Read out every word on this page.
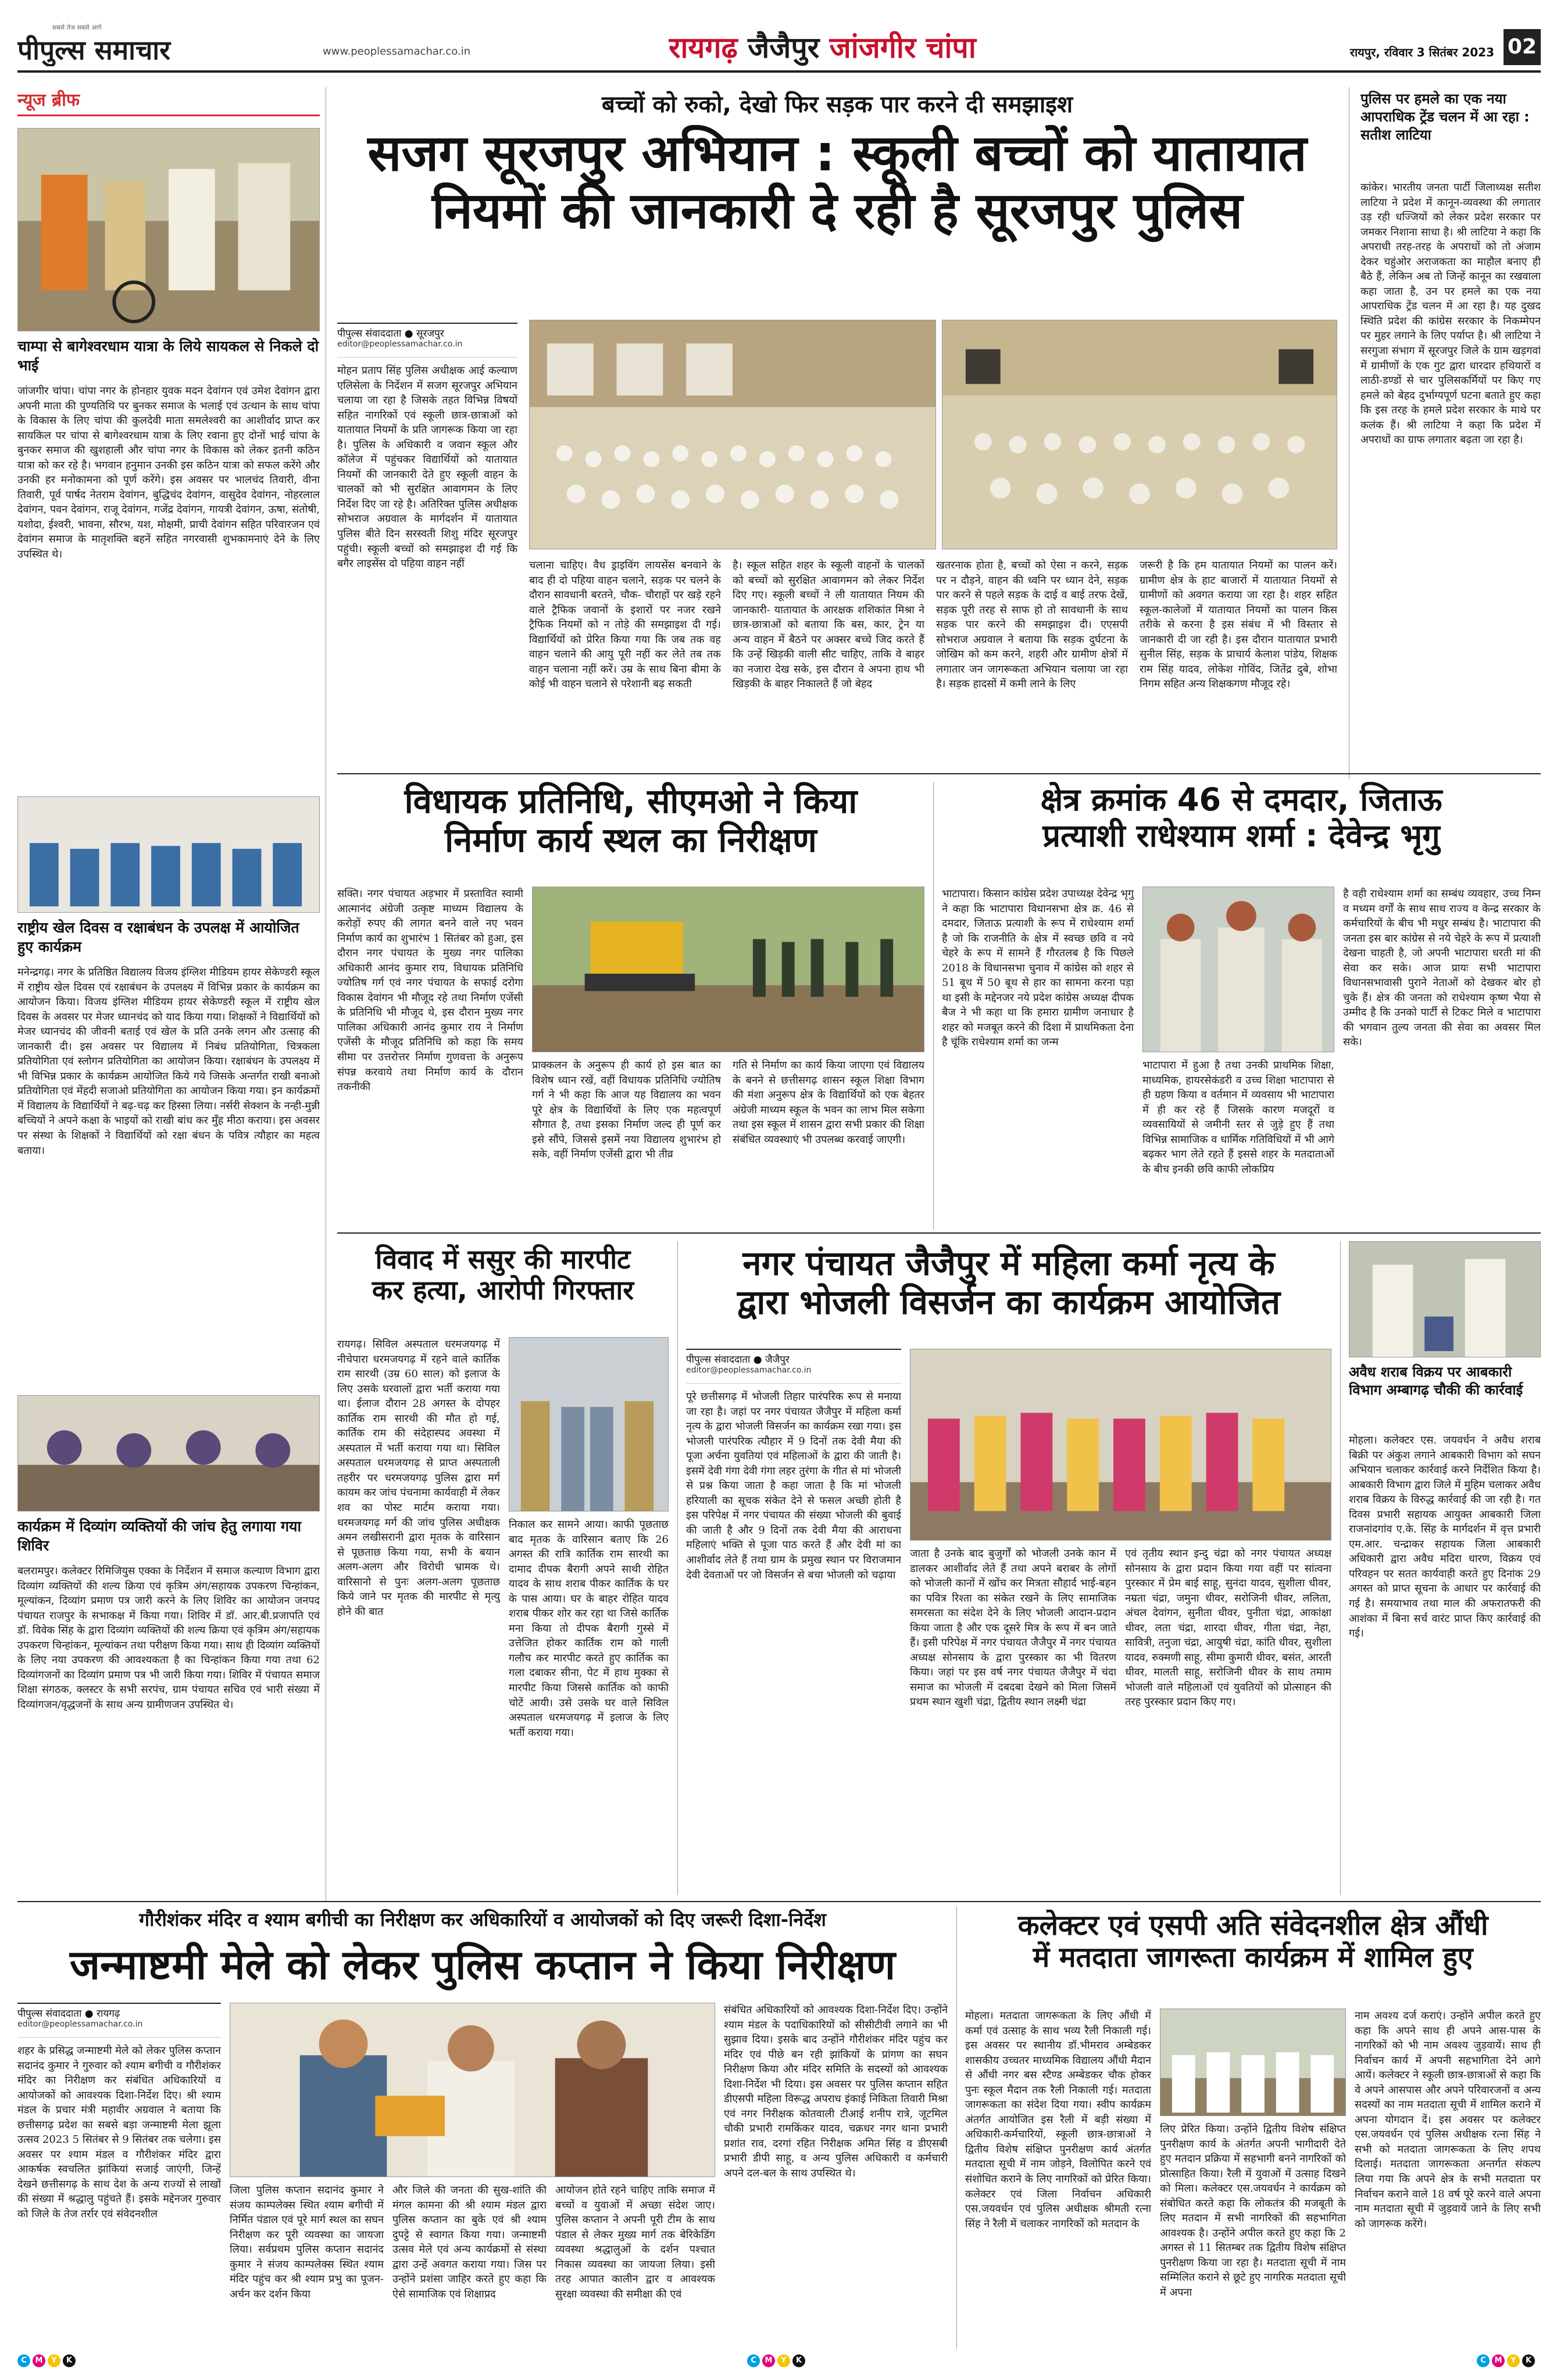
पीपुल्स समाचार
सबसे तेज सबसे आगे
www.peoplessamachar.co.in	रायगढ़ जैजैपुर जांजगीर चांपा	रायपुर, रविवार 3 सितंबर 2023 02
न्यूज ब्रीफ
चाम्पा से बागेश्वरधाम यात्रा के लिये सायकल से निकले दो भाई
जांजगीर चांपा। चांपा नगर के होनहार युवक मदन देवांगन एवं उमेश देवांगन द्वारा अपनी माता की पुण्यतिथि पर बुनकर समाज के भलाई एवं उत्थान के साथ चांपा के विकास के लिए चांपा की कुलदेवी माता समलेश्वरी का आशीर्वाद प्राप्त कर सायकिल पर चांपा से बागेश्वरधाम यात्रा के लिए रवाना हुए दोनों भाई चांपा के बुनकर समाज की खुशहाली और चांपा नगर के विकास को लेकर इतनी कठिन यात्रा को कर रहे है। भगवान हनुमान उनकी इस कठिन यात्रा को सफल करेंगे और उनकी हर मनोकामना को पूर्ण करेंगे। इस अवसर पर भालचंद तिवारी, वीना तिवारी, पूर्व पार्षद नेतराम देवांगन, बुद्धिचंद देवांगन, वासुदेव देवांगन, नोहरलाल देवांगन, पवन देवांगन, राजू देवांगन, गजेंद्र देवांगन, गायत्री देवांगन, ऊषा, संतोषी, यशोदा, ईश्वरी, भावना, सौरभ, यश, मोक्षमी, प्राची देवांगन सहित परिवारजन एवं देवांगन समाज के मातृशक्ति बहनें सहित नगरवासी शुभकामनाएं देने के लिए उपस्थित थे।
राष्ट्रीय खेल दिवस व रक्षाबंधन के उपलक्ष में आयोजित हुए कार्यक्रम
मनेन्द्रगढ़। नगर के प्रतिष्ठित विद्यालय विजय इंग्लिश मीडियम हायर सेकेण्डरी स्कूल में राष्ट्रीय खेल दिवस एवं रक्षाबंधन के उपलक्ष्य में विभिन्न प्रकार के कार्यक्रम का आयोजन किया। विजय इंग्लिश मीडियम हायर सेकेण्डरी स्कूल में राष्ट्रीय खेल दिवस के अवसर पर मेजर ध्यानचंद को याद किया गया। शिक्षकों ने विद्यार्थियों को मेजर ध्यानचंद की जीवनी बताई एवं खेल के प्रति उनके लगन और उत्साह की जानकारी दी। इस अवसर पर विद्यालय में निबंध प्रतियोगिता, चित्रकला प्रतियोगिता एवं स्लोगन प्रतियोगिता का आयोजन किया। रक्षाबंधन के उपलक्ष्य में भी विभिन्न प्रकार के कार्यक्रम आयोजित किये गये जिसके अन्तर्गत राखी बनाओ प्रतियोगिता एवं मेंहदी सजाओ प्रतियोगिता का आयोजन किया गया। इन कार्यक्रमों में विद्यालय के विद्यार्थियों ने बढ़-चढ़ कर हिस्सा लिया। नर्सरी सेक्शन के नन्ही-मुन्नी बच्चियों ने अपने कक्षा के भाइयों को राखी बांध कर मुँह मीठा कराया। इस अवसर पर संस्था के शिक्षकों ने विद्यार्थियों को रक्षा बंधन के पवित्र त्यौहार का महत्व बताया।
कार्यक्रम में दिव्यांग व्यक्तियों की जांच हेतु लगाया गया शिविर
बलरामपुर। कलेक्टर रिमिजियुस एक्का के निर्देशन में समाज कल्याण विभाग द्वारा दिव्यांग व्यक्तियों की शल्य क्रिया एवं कृत्रिम अंग/सहायक उपकरण चिन्हांकन, मूल्यांकन, दिव्यांग प्रमाण पत्र जारी करने के लिए शिविर का आयोजन जनपद पंचायत राजपुर के सभाकक्ष में किया गया। शिविर में डॉ. आर.बी.प्रजापति एवं डॉ. विवेक सिंह के द्वारा दिव्यांग व्यक्तियों की शल्य क्रिया एवं कृत्रिम अंग/सहायक उपकरण चिन्हांकन, मूल्यांकन तथा परीक्षण किया गया। साथ ही दिव्यांग व्यक्तियों के लिए नया उपकरण की आवश्यकता है का चिन्हांकन किया गया तथा 62 दिव्यांगजनों का दिव्यांग प्रमाण पत्र भी जारी किया गया। शिविर में पंचायत समाज शिक्षा संगठक, क्लस्टर के सभी सरपंच, ग्राम पंचायत सचिव एवं भारी संख्या में दिव्यांगजन/वृद्धजनों के साथ अन्य ग्रामीणजन उपस्थित थे।
बच्चों को रुको, देखो फिर सड़क पार करने दी समझाइश
सजग सूरजपुर अभियान : स्कूली बच्चों को यातायात
नियमों की जानकारी दे रही है सूरजपुर पुलिस
पीपुल्स संवाददाता ● सूरजपुर
editor@peoplessamachar.co.in
मोहन प्रताप सिंह पुलिस अधीक्षक आई कल्याण एलिसेला के निर्देशन में सजग सूरजपुर अभियान चलाया जा रहा है जिसके तहत विभिन्न विषयों सहित नागरिकों एवं स्कूली छात्र-छात्राओं को यातायात नियमों के प्रति जागरूक किया जा रहा है। पुलिस के अधिकारी व जवान स्कूल और कॉलेज में पहुंचकर विद्यार्थियों को यातायात नियमों की जानकारी देते हुए स्कूली वाहन के चालकों को भी सुरक्षित आवागमन के लिए निर्देश दिए जा रहे है। अतिरिक्त पुलिस अधीक्षक सोभराज अग्रवाल के मार्गदर्शन में यातायात पुलिस बीते दिन सरस्वती शिशु मंदिर सूरजपुर पहुंची। स्कूली बच्चों को समझाइश दी गई कि बगैर लाइसेंस दो पहिया वाहन नहीं	चलाना चाहिए। वैध ड्राइविंग लायसेंस बनवाने के बाद ही दो पहिया वाहन चलाने, सड़क पर चलने के दौरान सावधानी बरतने, चौक- चौराहों पर खड़े रहने वाले ट्रैफिक जवानों के इशारों पर नजर रखने ट्रैफिक नियमों को न तोड़े की समझाइश दी गई। विद्यार्थियों को प्रेरित किया गया कि जब तक वह वाहन चलाने की आयु पूरी नहीं कर लेते तब तक वाहन चलाना नहीं करें। उम्र के साथ बिना बीमा के कोई भी वाहन चलाने से परेशानी बढ़ सकती
है। स्कूल सहित शहर के स्कूली वाहनों के चालकों को बच्चों को सुरक्षित आवागमन को लेकर निर्देश दिए गए। स्कूली बच्चों ने ली यातायात नियम की जानकारी- यातायात के आरक्षक शशिकांत मिश्रा ने छात्र-छात्राओं को बताया कि बस, कार, ट्रेन या अन्य वाहन में बैठने पर अक्सर बच्चे जिद करते हैं कि उन्हें खिड़की वाली सीट चाहिए, ताकि वे बाहर का नजारा देख सके, इस दौरान वे अपना हाथ भी खिड़की के बाहर निकालते हैं जो बेहद
खतरनाक होता है, बच्चों को ऐसा न करने, सड़क पर न दौड़ने, वाहन की ध्वनि पर ध्यान देने, सड़क पार करने से पहले सड़क के दाई व बाई तरफ देखें, सड़क पूरी तरह से साफ हो तो सावधानी के साथ सड़क पार करने की समझाइश दी। एएसपी सोभराज अग्रवाल ने बताया कि सड़क दुर्घटना के जोखिम को कम करने, शहरी और ग्रामीण क्षेत्रों में लगातार जन जागरूकता अभियान चलाया जा रहा है। सड़क हादसों में कमी लाने के लिए
जरूरी है कि हम यातायात नियमों का पालन करें। ग्रामीण क्षेत्र के हाट बाजारों में यातायात नियमों से ग्रामीणों को अवगत कराया जा रहा है। शहर सहित स्कूल-कालेजों में यातायात नियमों का पालन किस तरीके से करना है इस संबंध में भी विस्तार से जानकारी दी जा रही है। इस दौरान यातायात प्रभारी सुनील सिंह, सड़क के प्राचार्य केलाश पांडेय, शिक्षक राम सिंह यादव, लोकेश गोविंद, जितेंद्र दुबे, शोभा निगम सहित अन्य शिक्षकगण मौजूद रहे।
पुलिस पर हमले का एक नया आपराधिक ट्रेंड चलन में आ रहा : सतीश लाटिया
कांकेर। भारतीय जनता पार्टी जिलाध्यक्ष सतीश लाटिया ने प्रदेश में कानून-व्यवस्था की लगातार उड़ रही धज्जियों को लेकर प्रदेश सरकार पर जमकर निशाना साधा है। श्री लाटिया ने कहा कि अपराधी तरह-तरह के अपराधों को तो अंजाम देकर चहुंओर अराजकता का माहौल बनाए ही बैठे हैं, लेकिन अब तो जिन्हें कानून का रखवाला कहा जाता है, उन पर हमले का एक नया आपराधिक ट्रेंड चलन में आ रहा है। यह दुखद स्थिति प्रदेश की कांग्रेस सरकार के निकम्मेपन पर मुहर लगाने के लिए पर्याप्त है। श्री लाटिया ने सरगुजा संभाग में सूरजपुर जिले के ग्राम खड़गवां में ग्रामीणों के एक गुट द्वारा धारदार हथियारों व लाठी-डण्डों से चार पुलिसकर्मियों पर किए गए हमले को बेहद दुर्भाग्यपूर्ण घटना बताते हुए कहा कि इस तरह के हमले प्रदेश सरकार के माथे पर कलंक हैं। श्री लाटिया ने कहा कि प्रदेश में अपराधों का ग्राफ लगातार बढ़ता जा रहा है।
विधायक प्रतिनिधि, सीएमओ ने किया
निर्माण कार्य स्थल का निरीक्षण
सक्ति। नगर पंचायत अड़भार में प्रस्तावित स्वामी आत्मानंद अंग्रेजी उत्कृष्ट माध्यम विद्यालय के करोड़ों रुपए की लागत बनने वाले नए भवन निर्माण कार्य का शुभारंभ 1 सितंबर को हुआ, इस दौरान नगर पंचायत के मुख्य नगर पालिका अधिकारी आनंद कुमार राय, विधायक प्रतिनिधि ज्योतिष गर्ग एवं नगर पंचायत के सफाई दरोगा विकास देवांगन भी मौजूद रहे तथा निर्माण एजेंसी के प्रतिनिधि भी मौजूद थे, इस दौरान मुख्य नगर पालिका अधिकारी आनंद कुमार राय ने निर्माण एजेंसी के मौजूद प्रतिनिधि को कहा कि समय सीमा पर उत्तरोत्तर निर्माण गुणवत्ता के अनुरूप संपन्न करवाये तथा निर्माण कार्य के दौरान तकनीकी
प्राक्कलन के अनुरूप ही कार्य हो इस बात का विशेष ध्यान रखें, वहीं विधायक प्रतिनिधि ज्योतिष गर्ग ने भी कहा कि आज यह विद्यालय का भवन पूरे क्षेत्र के विद्यार्थियों के लिए एक महत्वपूर्ण सौगात है, तथा इसका निर्माण जल्द ही पूर्ण कर इसे सौंपे, जिससे इसमें नया विद्यालय शुभारंभ हो सके, वहीं निर्माण एजेंसी द्वारा भी तीव्र
गति से निर्माण का कार्य किया जाएगा एवं विद्यालय के बनने से छत्तीसगढ़ शासन स्कूल शिक्षा विभाग की मंशा अनुरूप क्षेत्र के विद्यार्थियों को एक बेहतर अंग्रेजी माध्यम स्कूल के भवन का लाभ मिल सकेगा तथा इस स्कूल में शासन द्वारा सभी प्रकार की शिक्षा संबंधित व्यवस्थाएं भी उपलब्ध करवाई जाएगी।
क्षेत्र क्रमांक 46 से दमदार, जिताऊ
प्रत्याशी राधेश्याम शर्मा : देवेन्द्र भृगु
भाटापारा। किसान कांग्रेस प्रदेश उपाध्यक्ष देवेन्द्र भृगु ने कहा कि भाटापारा विधानसभा क्षेत्र क्र. 46 से दमदार, जिताऊ प्रत्याशी के रूप में राधेश्याम शर्मा है जो कि राजनीति के क्षेत्र में स्वच्छ छवि व नये चेहरे के रूप में सामने हैं गौरतलब है कि पिछले 2018 के विधानसभा चुनाव में कांग्रेस को शहर से 51 बूथ में 50 बूथ से हार का सामना करना पड़ा था इसी के मद्देनजर नये प्रदेश कांग्रेस अध्यक्ष दीपक बैज ने भी कहा था कि हमारा ग्रामीण जनाधार है शहर को मजबूत करने की दिशा में प्राथमिकता देना है चूंकि राधेश्याम शर्मा का जन्म
भाटापारा में हुआ है तथा उनकी प्राथमिक शिक्षा, माध्यमिक, हायरसेकंडरी व उच्च शिक्षा भाटापारा से ही ग्रहण किया व वर्तमान में व्यवसाय भी भाटापारा में ही कर रहे हैं जिसके कारण मजदूरों व व्यवसायियों से जमीनी स्तर से जुड़े हुए हैं तथा विभिन्न सामाजिक व धार्मिक गतिविधियों में भी आगे बढ़कर भाग लेते रहते हैं इससे शहर के मतदाताओं के बीच इनकी छवि काफी लोकप्रिय
है वही राधेश्याम शर्मा का सम्बंध व्यवहार, उच्च निम्न व मध्यम वर्गों के साथ साथ राज्य व केन्द्र सरकार के कर्मचारियों के बीच भी मधुर सम्बंध है। भाटापारा की जनता इस बार कांग्रेस से नये चेहरे के रूप में प्रत्याशी देखना चाहती है, जो अपनी भाटापारा धरती मां की सेवा कर सके। आज प्रायः सभी भाटापारा विधानसभावासी पुराने नेताओं को देखकर बोर हो चुके हैं। क्षेत्र की जनता को राधेश्याम कृष्ण भैया से उम्मीद है कि उनको पार्टी से टिकट मिले व भाटापारा की भगवान तुल्य जनता की सेवा का अवसर मिल सके।
विवाद में ससुर की मारपीट
कर हत्या, आरोपी गिरफ्तार
रायगढ़। सिविल अस्पताल धरमजयगढ़ में नीचेपारा धरमजयगढ़ में रहने वाले कार्तिक राम सारथी (उम्र 60 साल) को इलाज के लिए उसके घरवालों द्वारा भर्ती कराया गया था। ईलाज दौरान 28 अगस्त के दोपहर कार्तिक राम सारथी की मौत हो गई, कार्तिक राम की संदेहास्पद अवस्था में अस्पताल में भर्ती कराया गया था। सिविल अस्पताल धरमजयगढ़ से प्राप्त अस्पताली तहरीर पर धरमजयगढ़ पुलिस द्वारा मर्ग कायम कर जांच पंचनामा कार्यवाही में लेकर शव का पोस्ट मार्टम कराया गया। धरमजयगढ़ मर्ग की जांच पुलिस अधीक्षक अमन लखीसरानी द्वारा मृतक के वारिसान से पूछताछ किया गया, सभी के बयान अलग-अलग और विरोधी भ्रामक थे। वारिसानो से पुनः अलग-अलग पूछताछ किये जाने पर मृतक की मारपीट से मृत्यु होने की बात
निकाल कर सामने आया। काफी पूछताछ बाद मृतक के वारिसान बताए कि 26 अगस्त की रात्रि कार्तिक राम सारथी का दामाद दीपक बैरागी अपने साथी रोहित यादव के साथ शराब पीकर कार्तिक के घर के पास आया। घर के बाहर रोहित यादव शराब पीकर शोर कर रहा था जिसे कार्तिक मना किया तो दीपक बैरागी गुस्से में उत्तेजित होकर कार्तिक राम को गाली गलौच कर मारपीट करते हुए कार्तिक का गला दबाकर सीना, पेट में हाथ मुक्का से मारपीट किया जिससे कार्तिक को काफी चोटें आयी। उसे उसके घर वाले सिविल अस्पताल धरमजयगढ़ में इलाज के लिए भर्ती कराया गया।
नगर पंचायत जैजैपुर में महिला कर्मा नृत्य के
द्वारा भोजली विसर्जन का कार्यक्रम आयोजित
पीपुल्स संवाददाता ● जैजैपुर
editor@peoplessamachar.co.in
पूरे छत्तीसगढ़ में भोजली तिहार पारंपरिक रूप से मनाया जा रहा है। जहां पर नगर पंचायत जैजैपुर में महिला कर्मा नृत्य के द्वारा भोजली विसर्जन का कार्यक्रम रखा गया। इस भोजली पारंपरिक त्यौहार में 9 दिनों तक देवी मैया की पूजा अर्चना युवतियां एवं महिलाओं के द्वारा की जाती है। इसमें देवी गंगा देवी गंगा लहर तुरंगा के गीत से मां भोजली से प्रश्न किया जाता है कहा जाता है कि मां भोजली हरियाली का सूचक संकेत देने से फसल अच्छी होती है इस परिपेक्ष में नगर पंचायत की संख्या भोजली की बुवाई की जाती है और 9 दिनों तक देवी मैया की आराधना महिलाएं भक्ति से पूजा पाठ करते हैं और देवी मां का आशीर्वाद लेते हैं तथा ग्राम के प्रमुख स्थान पर विराजमान देवी देवताओं पर जो विसर्जन से बचा भोजली को चढ़ाया
जाता है उनके बाद बुजुर्गों को भोजली उनके कान में डालकर आशीर्वाद लेते हैं तथा अपने बराबर के लोगों को भोजली कानों में खोंच कर मित्रता सौहार्द भाई-बहन का पवित्र रिश्ता का संकेत रखने के लिए सामाजिक समरसता का संदेश देने के लिए भोजली आदान-प्रदान किया जाता है और एक दूसरे मित्र के रूप में बन जाते हैं। इसी परिपेक्ष में नगर पंचायत जैजैपुर में नगर पंचायत अध्यक्ष सोनसाय के द्वारा पुरस्कार का भी वितरण किया। जहां पर इस वर्ष नगर पंचायत जैजैपुर में चंदा समाज का भोजली में दबदबा देखने को मिला जिसमें प्रथम स्थान खुशी चंद्रा, द्वितीय स्थान लक्ष्मी चंद्रा
एवं तृतीय स्थान इन्दु चंद्रा को नगर पंचायत अध्यक्ष सोनसाय के द्वारा प्रदान किया गया वहीं पर सांत्वना पुरस्कार में प्रेम बाई साहू, सुनंदा यादव, सुशीला धीवर, नम्रता चंद्रा, जमुना धीवर, सरोजिनी धीवर, ललिता, अंचल देवांगन, सुनीता धीवर, पुनीता चंद्रा, आकांक्षा धीवर, लता चंद्रा, शारदा धीवर, गीता चंद्रा, नेहा, सावित्री, तनुजा चंद्रा, आयुषी चंद्रा, कांति धीवर, सुशीला यादव, रुक्मणी साहू, सीमा कुमारी धीवर, बसंत, आरती धीवर, मालती साहू, सरोजिनी धीवर के साथ तमाम भोजली वाले महिलाओं एवं युवतियों को प्रोत्साहन की तरह पुरस्कार प्रदान किए गए।
अवैध शराब विक्रय पर आबकारी विभाग अम्बागढ़ चौकी की कार्रवाई
मोहला। कलेक्टर एस. जयवर्धन ने अवैध शराब बिक्री पर अंकुश लगाने आबकारी विभाग को सघन अभियान चलाकर कार्रवाई करने निर्देशित किया है। आबकारी विभाग द्वारा जिले में मुहिम चलाकर अवैध शराब विक्रय के विरुद्ध कार्रवाई की जा रही है। गत दिवस प्रभारी सहायक आयुक्त आबकारी जिला राजनांदगांव ए.के. सिंह के मार्गदर्शन में वृत्त प्रभारी एम.आर. चन्द्राकर सहायक जिला आबकारी अधिकारी द्वारा अवैध मदिरा धारण, विक्रय एवं परिवहन पर सतत कार्यवाही करते हुए दिनांक 29 अगस्त को प्राप्त सूचना के आधार पर कार्रवाई की गई है। समयाभाव तथा माल की अफरातफरी की आशंका में बिना सर्च वारंट प्राप्त किए कार्रवाई की गई।
गौरीशंकर मंदिर व श्याम बगीची का निरीक्षण कर अधिकारियों व आयोजकों को दिए जरूरी दिशा-निर्देश
जन्माष्टमी मेले को लेकर पुलिस कप्तान ने किया निरीक्षण
पीपुल्स संवाददाता ● रायगढ़
editor@peoplessamachar.co.in
शहर के प्रसिद्ध जन्माष्टमी मेले को लेकर पुलिस कप्तान सदानंद कुमार ने गुरुवार को श्याम बगीची व गौरीशंकर मंदिर का निरीक्षण कर संबंधित अधिकारियों व आयोजकों को आवश्यक दिशा-निर्देश दिए। श्री श्याम मंडल के प्रचार मंत्री महावीर अग्रवाल ने बताया कि छत्तीसगढ़ प्रदेश का सबसे बड़ा जन्माष्टमी मेला झूला उत्सव 2023 5 सितंबर से 9 सितंबर तक चलेगा। इस अवसर पर श्याम मंडल व गौरीशंकर मंदिर द्वारा आकर्षक स्वचलित झांकियां सजाई जाएंगी, जिन्हें देखने छत्तीसगढ़ के साथ देश के अन्य राज्यों से लाखों की संख्या में श्रद्धालु पहुंचते हैं। इसके मद्देनजर गुरुवार को जिले के तेज तर्रार एवं संवेदनशील
जिला पुलिस कप्तान सदानंद कुमार ने संजय काम्पलेक्स स्थित श्याम बगीची में निर्मित पंडाल एवं पूरे मार्ग स्थल का सघन निरीक्षण कर पूरी व्यवस्था का जायजा लिया। सर्वप्रथम पुलिस कप्तान सदानंद कुमार ने संजय काम्पलेक्स स्थित श्याम मंदिर पहुंच कर श्री श्याम प्रभु का पूजन-अर्चन कर दर्शन किया
और जिले की जनता की सुख-शांति की मंगल कामना की श्री श्याम मंडल द्वारा पुलिस कप्तान का बुके एवं श्री श्याम दुपट्टे से स्वागत किया गया। जन्माष्टमी उत्सव मेले एवं अन्य कार्यक्रमों से संस्था द्वारा उन्हें अवगत कराया गया। जिस पर उन्होंने प्रशंसा जाहिर करते हुए कहा कि ऐसे सामाजिक एवं शिक्षाप्रद
आयोजन होते रहने चाहिए ताकि समाज में बच्चों व युवाओं में अच्छा संदेश जाए। पुलिस कप्तान ने अपनी पूरी टीम के साथ पंडाल से लेकर मुख्य मार्ग तक बेरिकेडिंग व्यवस्था श्रद्धालुओं के दर्शन पश्चात निकास व्यवस्था का जायजा लिया। इसी तरह आपात कालीन द्वार व आवश्यक सुरक्षा व्यवस्था की समीक्षा की एवं
संबंधित अधिकारियों को आवश्यक दिशा-निर्देश दिए। उन्होंने श्याम मंडल के पदाधिकारियों को सीसीटीवी लगाने का भी सुझाव दिया। इसके बाद उन्होंने गौरीशंकर मंदिर पहुंच कर मंदिर एवं पीछे बन रही झांकियों के प्रांगण का सघन निरीक्षण किया और मंदिर समिति के सदस्यों को आवश्यक दिशा-निर्देश भी दिया। इस अवसर पर पुलिस कप्तान सहित डीएसपी महिला विरूद्ध अपराध इंकाई निकिता तिवारी मिश्रा एवं नगर निरीक्षक कोतवाली टीआई शनीप रात्रे, जूटमिल चौकी प्रभारी रामकिंकर यादव, चक्रधर नगर थाना प्रभारी प्रशांत राव, दरगां रहित निरीक्षक अमित सिंह व डीएसबी प्रभारी डीपी साहू, व अन्य पुलिस अधिकारी व कर्मचारी अपने दल-बल के साथ उपस्थित थे।
कलेक्टर एवं एसपी अति संवेदनशील क्षेत्र औंधी
में मतदाता जागरूता कार्यक्रम में शामिल हुए
मोहला। मतदाता जागरूकता के लिए औंधी में कर्मा एवं उत्साह के साथ भव्य रैली निकाली गई। इस अवसर पर स्थानीय डॉ.भीमराव अम्बेडकर शासकीय उच्चतर माध्यमिक विद्यालय औंधी मैदान से औंधी नगर बस स्टैण्ड अम्बेडकर चौक होकर पुनः स्कूल मैदान तक रैली निकाली गई। मतदाता जागरूकता का संदेश दिया गया। स्वीप कार्यक्रम अंतर्गत आयोजित इस रैली में बड़ी संख्या में अधिकारी-कर्मचारियों, स्कूली छात्र-छात्राओं ने द्वितीय विशेष संक्षिप्त पुनरीक्षण कार्य अंतर्गत मतदाता सूची में नाम जोड़ने, विलोपित करने एवं संशोधित कराने के लिए नागरिकों को प्रेरित किया। कलेक्टर एवं जिला निर्वाचन अधिकारी एस.जयवर्धन एवं पुलिस अधीक्षक श्रीमती रत्ना सिंह ने रैली में चलाकर नागरिकों को मतदान के
लिए प्रेरित किया। उन्होंने द्वितीय विशेष संक्षिप्त पुनरीक्षण कार्य के अंतर्गत अपनी भागीदारी देते हुए मतदान प्रक्रिया में सहभागी बनने नागरिकों को प्रोत्साहित किया। रैली में युवाओं में उत्साह दिखने को मिला। कलेक्टर एस.जयवर्धन ने कार्यक्रम को संबोधित करते कहा कि लोकतंत्र की मजबूती के लिए मतदान में सभी नागरिकों की सहभागिता आवश्यक है। उन्होंने अपील करते हुए कहा कि 2 अगस्त से 11 सितम्बर तक द्वितीय विशेष संक्षिप्त पुनरीक्षण किया जा रहा है। मतदाता सूची में नाम सम्मिलित कराने से छूटे हुए नागरिक मतदाता सूची में अपना
नाम अवश्य दर्ज कराएं। उन्होंने अपील करते हुए कहा कि अपने साथ ही अपने आस-पास के नागरिकों को भी नाम अवश्य जुड़वायें। साथ ही निर्वाचन कार्य में अपनी सहभागिता देने आगे आयें। कलेक्टर ने स्कूली छात्र-छात्राओं से कहा कि वे अपने आसपास और अपने परिवारजनों व अन्य सदस्यों का नाम मतदाता सूची में शामिल कराने में अपना योगदान दें। इस अवसर पर कलेक्टर एस.जयवर्धन एवं पुलिस अधीक्षक रत्ना सिंह ने सभी को मतदाता जागरूकता के लिए शपथ दिलाई। मतदाता जागरूकता अन्तर्गत संकल्प लिया गया कि अपने क्षेत्र के सभी मतदाता पर निर्वाचन कराने वाले 18 वर्ष पूरे करने वाले अपना नाम मतदाता सूची में जुड़वायें जाने के लिए सभी को जागरूक करेंगे।
C	M	Y	K	C	M	Y	K	C	M	Y	K
